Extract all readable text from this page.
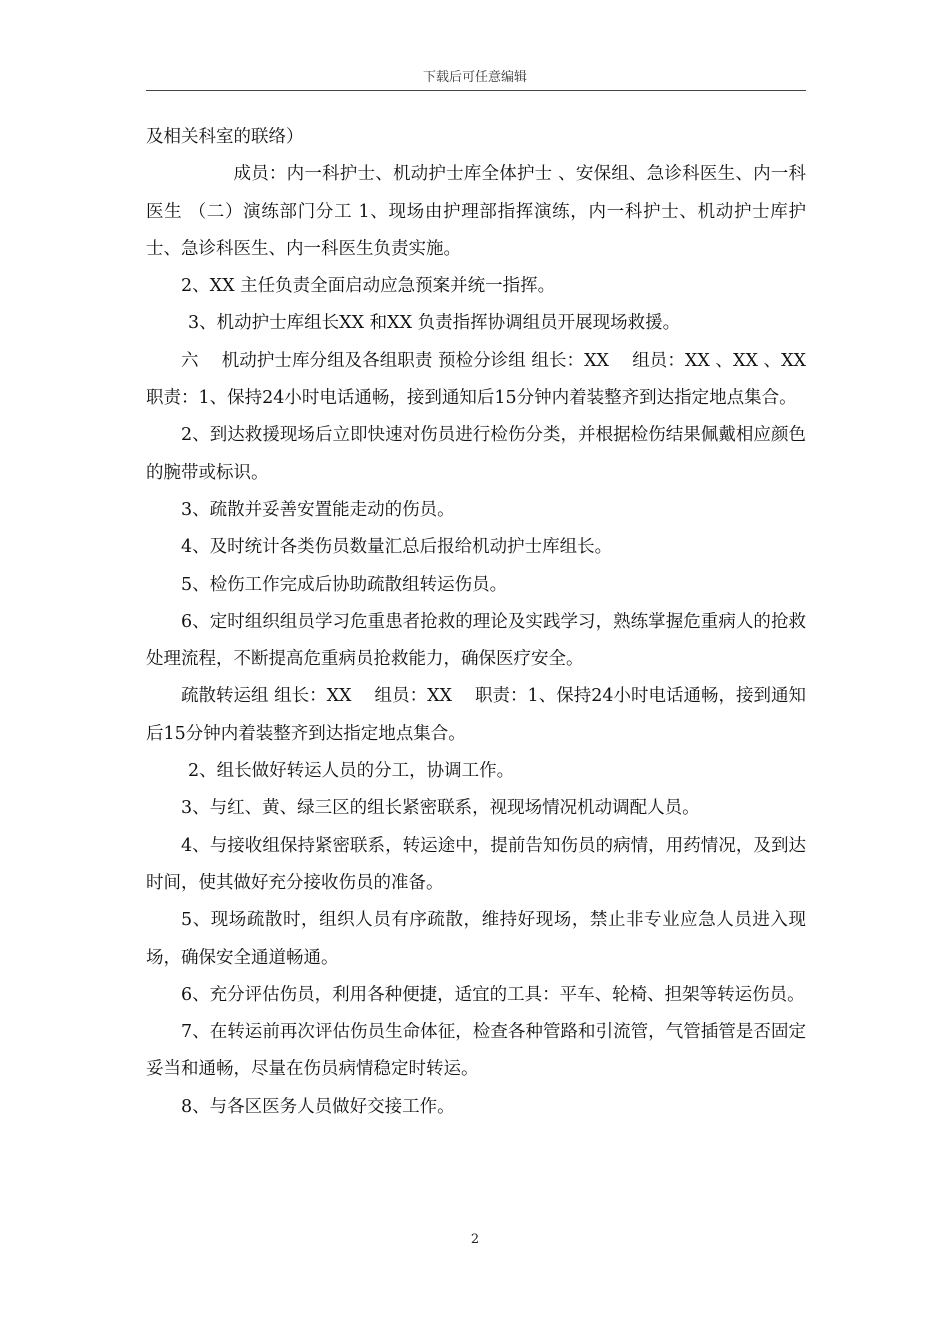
下载后可任意编辑

及相关科室的联络）

成员：内一科护士、机动护士库全体护士 、安保组、急诊科医生、内一科医生 （二）演练部门分工 1、现场由护理部指挥演练，内一科护士、机动护士库护士、急诊科医生、内一科医生负责实施。

2、XX 主任负责全面启动应急预案并统一指挥。

3、机动护士库组长XX 和XX 负责指挥协调组员开展现场救援。

六　 机动护士库分组及各组职责 预检分诊组 组长：XX　 组员：XX 、XX 、XX　职责：1、保持24小时电话通畅，接到通知后15分钟内着装整齐到达指定地点集合。

2、到达救援现场后立即快速对伤员进行检伤分类，并根据检伤结果佩戴相应颜色的腕带或标识。

3、疏散并妥善安置能走动的伤员。

4、及时统计各类伤员数量汇总后报给机动护士库组长。

5、检伤工作完成后协助疏散组转运伤员。

6、定时组织组员学习危重患者抢救的理论及实践学习，熟练掌握危重病人的抢救处理流程，不断提高危重病员抢救能力，确保医疗安全。

疏散转运组 组长：XX　 组员：XX　 职责：1、保持24小时电话通畅，接到通知后15分钟内着装整齐到达指定地点集合。

2、组长做好转运人员的分工，协调工作。

3、与红、黄、绿三区的组长紧密联系，视现场情况机动调配人员。

4、与接收组保持紧密联系，转运途中，提前告知伤员的病情，用药情况，及到达时间，使其做好充分接收伤员的准备。

5、现场疏散时，组织人员有序疏散，维持好现场，禁止非专业应急人员进入现场，确保安全通道畅通。

6、充分评估伤员，利用各种便捷，适宜的工具：平车、轮椅、担架等转运伤员。

7、在转运前再次评估伤员生命体征，检查各种管路和引流管，气管插管是否固定妥当和通畅，尽量在伤员病情稳定时转运。

8、与各区医务人员做好交接工作。

2
